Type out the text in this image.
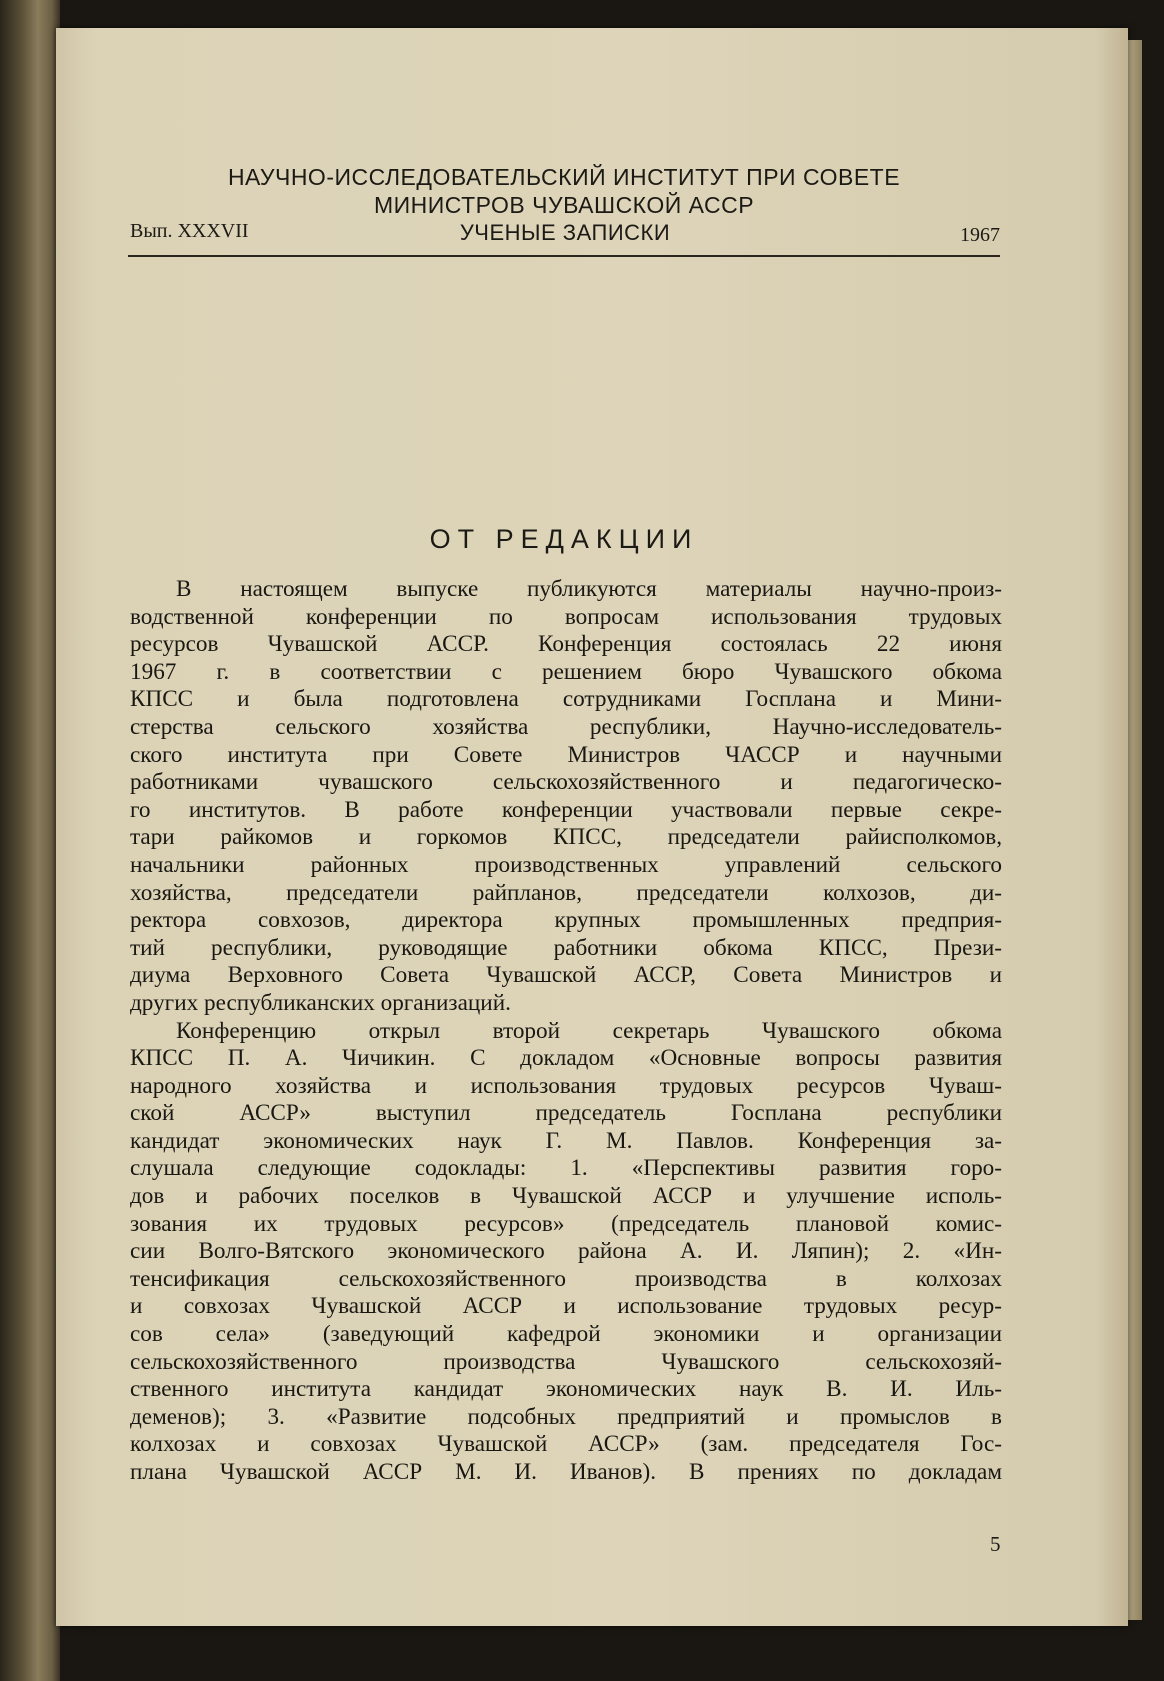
НАУЧНО-ИССЛЕДОВАТЕЛЬСКИЙ ИНСТИТУТ ПРИ СОВЕТЕ
МИНИСТРОВ ЧУВАШСКОЙ АССР
Вып. XXXVII	УЧЕНЫЕ ЗАПИСКИ	1967
ОТ РЕДАКЦИИ
В настоящем выпуске публикуются материалы научно-произ-
водственной конференции по вопросам использования трудовых
ресурсов Чувашской АССР. Конференция состоялась 22 июня
1967 г. в соответствии с решением бюро Чувашского обкома
КПСС и была подготовлена сотрудниками Госплана и Мини-
стерства сельского хозяйства республики, Научно-исследователь-
ского института при Совете Министров ЧАССР и научными
работниками чувашского сельскохозяйственного и педагогическо-
го институтов. В работе конференции участвовали первые секре-
тари райкомов и горкомов КПСС, председатели райисполкомов,
начальники районных производственных управлений сельского
хозяйства, председатели райпланов, председатели колхозов, ди-
ректора совхозов, директора крупных промышленных предприя-
тий республики, руководящие работники обкома КПСС, Прези-
диума Верховного Совета Чувашской АССР, Совета Министров и
других республиканских организаций.
Конференцию открыл второй секретарь Чувашского обкома
КПСС П. А. Чичикин. С докладом «Основные вопросы развития
народного хозяйства и использования трудовых ресурсов Чуваш-
ской АССР» выступил председатель Госплана республики
кандидат экономических наук Г. М. Павлов. Конференция за-
слушала следующие содоклады: 1. «Перспективы развития горо-
дов и рабочих поселков в Чувашской АССР и улучшение исполь-
зования их трудовых ресурсов» (председатель плановой комис-
сии Волго-Вятского экономического района А. И. Ляпин); 2. «Ин-
тенсификация сельскохозяйственного производства в колхозах
и совхозах Чувашской АССР и использование трудовых ресур-
сов села» (заведующий кафедрой экономики и организации
сельскохозяйственного производства Чувашского сельскохозяй-
ственного института кандидат экономических наук В. И. Иль-
деменов); 3. «Развитие подсобных предприятий и промыслов в
колхозах и совхозах Чувашской АССР» (зам. председателя Гос-
плана Чувашской АССР М. И. Иванов). В прениях по докладам
5
